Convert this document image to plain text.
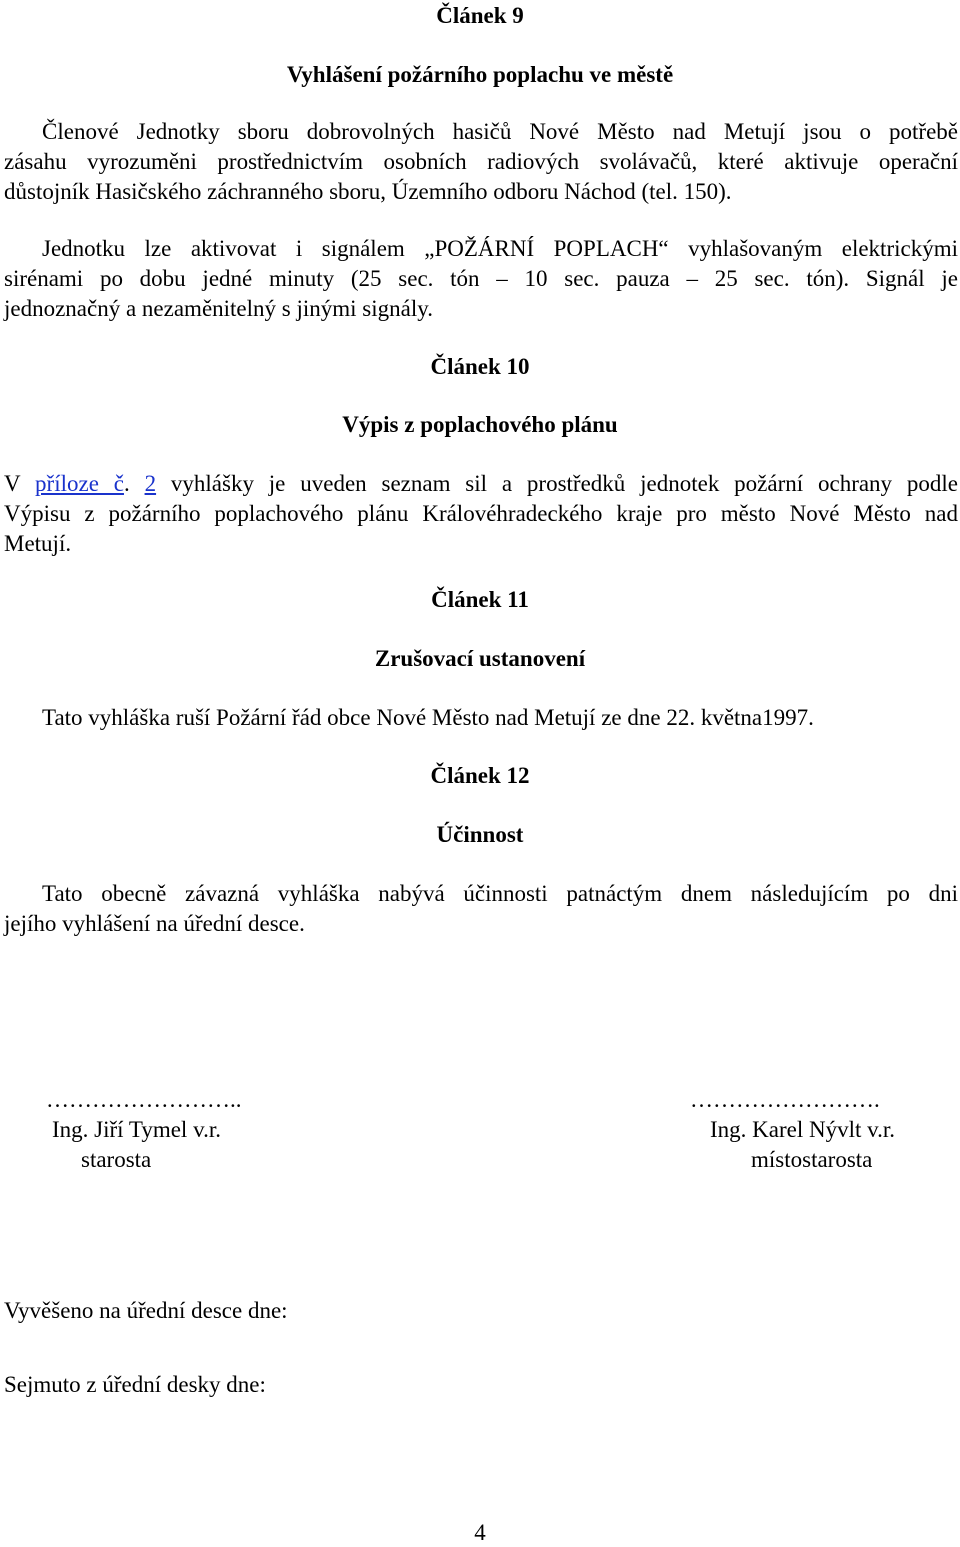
Článek 9
Vyhlášení požárního poplachu ve městě
Členové Jednotky sboru dobrovolných hasičů Nové Město nad Metují jsou o potřebě
zásahu vyrozuměni prostřednictvím osobních radiových svolávačů, které aktivuje operační
důstojník Hasičského záchranného sboru, Územního odboru Náchod (tel. 150).
Jednotku lze aktivovat i signálem „POŽÁRNÍ POPLACH“ vyhlašovaným elektrickými
sirénami po dobu jedné minuty (25 sec. tón – 10 sec. pauza – 25 sec. tón). Signál je
jednoznačný a nezaměnitelný s jinými signály.
Článek 10
Výpis z poplachového plánu
V příloze č. 2 vyhlášky je uveden seznam sil a prostředků jednotek požární ochrany podle
Výpisu z požárního poplachového plánu Královéhradeckého kraje pro město Nové Město nad
Metují.
Článek 11
Zrušovací ustanovení
Tato vyhláška ruší Požární řád obce Nové Město nad Metují ze dne 22. května1997.
Článek 12
Účinnost
Tato obecně závazná vyhláška nabývá účinnosti patnáctým dnem následujícím po dni
jejího vyhlášení na úřední desce.
……………………..
Ing. Jiří Tymel v.r.
starosta
…………………….
Ing. Karel Nývlt v.r.
místostarosta
Vyvěšeno na úřední desce dne:
Sejmuto z úřední desky dne:
4
